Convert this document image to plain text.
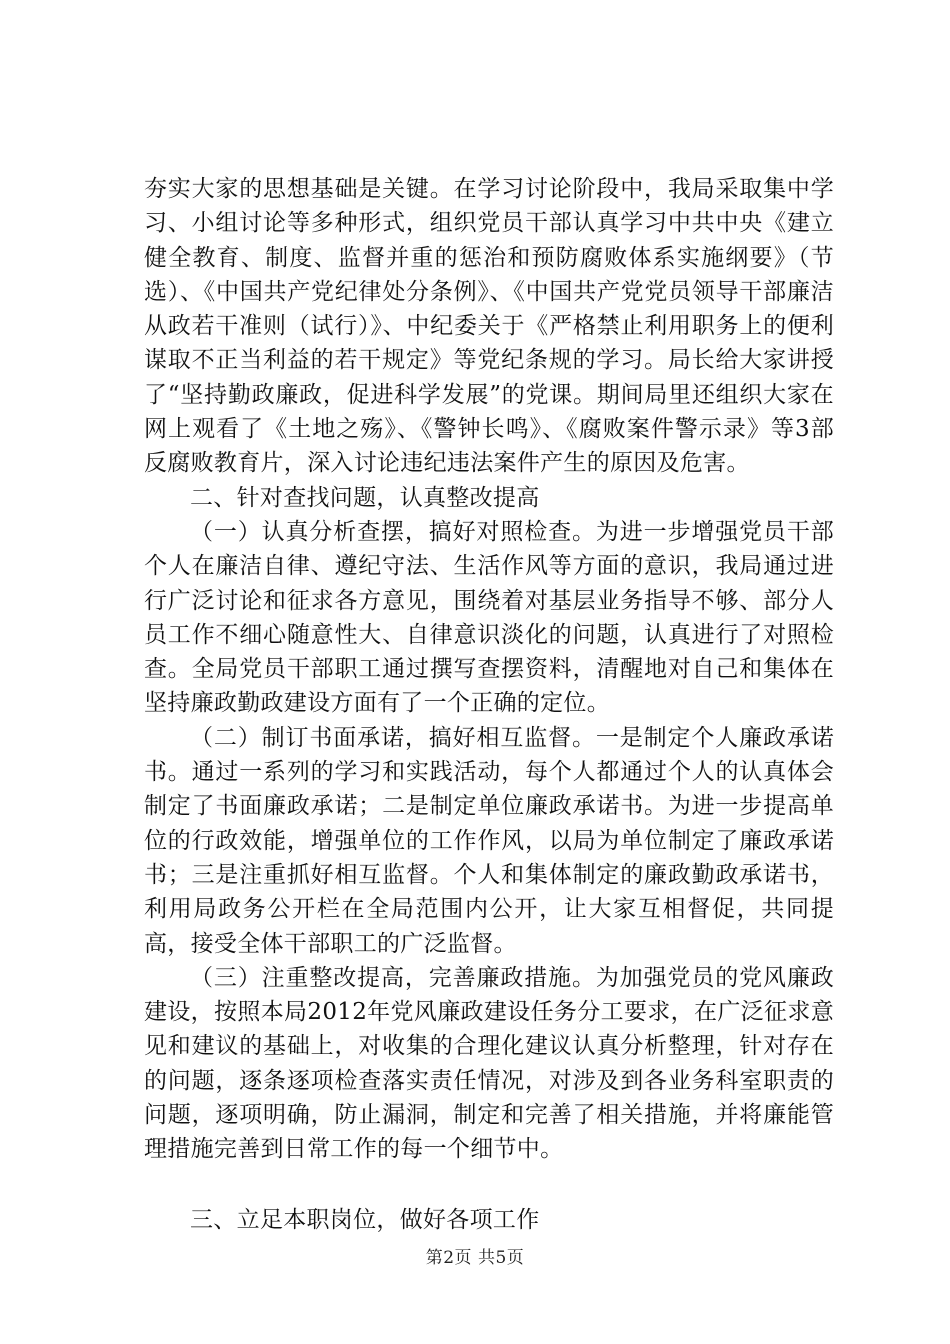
夯实大家的思想基础是关键。在学习讨论阶段中，我局采取集中学习、小组讨论等多种形式，组织党员干部认真学习中共中央《建立健全教育、制度、监督并重的惩治和预防腐败体系实施纲要》（节选）、《中国共产党纪律处分条例》、《中国共产党党员领导干部廉洁从政若干准则（试行）》、中纪委关于《严格禁止利用职务上的便利谋取不正当利益的若干规定》等党纪条规的学习。局长给大家讲授了“坚持勤政廉政，促进科学发展”的党课。期间局里还组织大家在网上观看了《土地之殇》、《警钟长鸣》、《腐败案件警示录》等3部反腐败教育片，深入讨论违纪违法案件产生的原因及危害。

二、针对查找问题，认真整改提高

（一）认真分析查摆，搞好对照检查。为进一步增强党员干部个人在廉洁自律、遵纪守法、生活作风等方面的意识，我局通过进行广泛讨论和征求各方意见，围绕着对基层业务指导不够、部分人员工作不细心随意性大、自律意识淡化的问题，认真进行了对照检查。全局党员干部职工通过撰写查摆资料，清醒地对自己和集体在坚持廉政勤政建设方面有了一个正确的定位。

（二）制订书面承诺，搞好相互监督。一是制定个人廉政承诺书。通过一系列的学习和实践活动，每个人都通过个人的认真体会制定了书面廉政承诺；二是制定单位廉政承诺书。为进一步提高单位的行政效能，增强单位的工作作风，以局为单位制定了廉政承诺书；三是注重抓好相互监督。个人和集体制定的廉政勤政承诺书，利用局政务公开栏在全局范围内公开，让大家互相督促，共同提高，接受全体干部职工的广泛监督。

（三）注重整改提高，完善廉政措施。为加强党员的党风廉政建设，按照本局2012年党风廉政建设任务分工要求，在广泛征求意见和建议的基础上，对收集的合理化建议认真分析整理，针对存在的问题，逐条逐项检查落实责任情况，对涉及到各业务科室职责的问题，逐项明确，防止漏洞，制定和完善了相关措施，并将廉能管理措施完善到日常工作的每一个细节中。

三、立足本职岗位，做好各项工作

第2页 共5页
